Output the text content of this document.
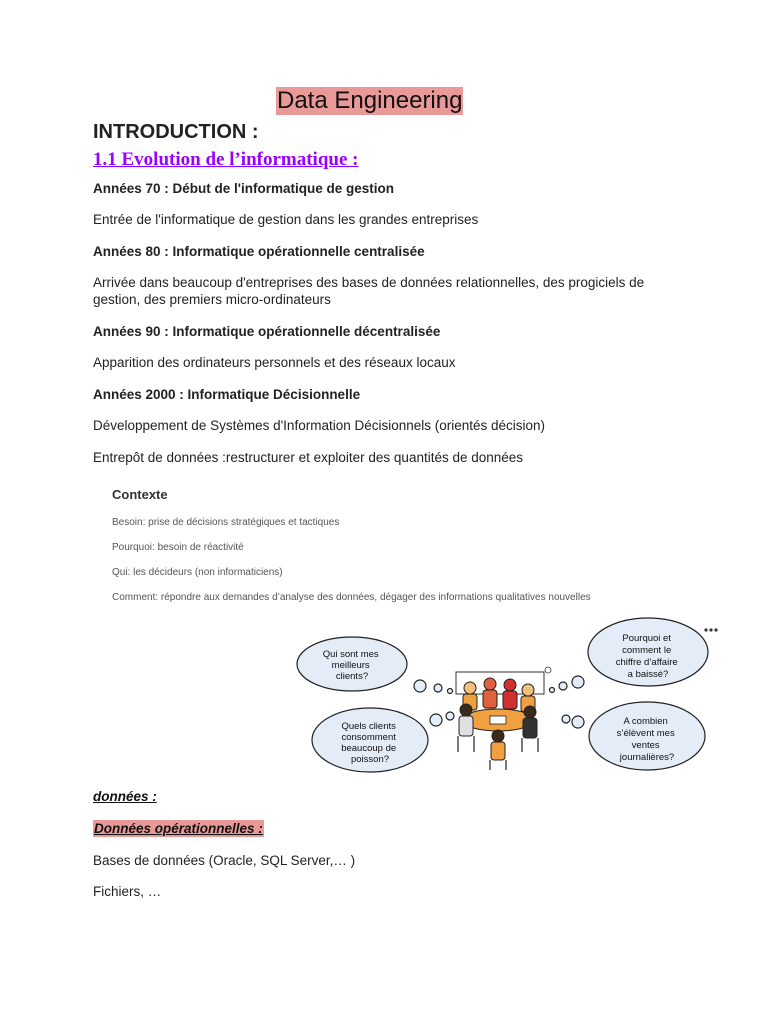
Data Engineering
INTRODUCTION :
1.1 Evolution de l’informatique :
Années 70 : Début de l'informatique de gestion
Entrée de l'informatique de gestion dans les grandes entreprises
Années 80 : Informatique opérationnelle centralisée
Arrivée dans beaucoup d'entreprises des bases de données relationnelles, des progiciels de gestion, des premiers micro-ordinateurs
Années 90 : Informatique opérationnelle décentralisée
Apparition des ordinateurs personnels et des réseaux locaux
Années 2000 : Informatique Décisionnelle
Développement de Systèmes d'Information Décisionnels (orientés décision)
Entrepôt de données :restructurer et exploiter des quantités de données
Contexte
Besoin: prise de décisions stratégiques et tactiques
Pourquoi: besoin de réactivité
Qui: les décideurs (non informaticiens)
Comment: répondre aux demandes d’analyse des données, dégager des informations qualitatives nouvelles
Qui sont mes meilleurs clients?
Pourquoi et comment le chiffre d’affaire a baissé?
Quels clients consomment beaucoup de poisson?
A combien s’élèvent mes ventes journalières?
données :
Données opérationnelles :
Bases de données (Oracle, SQL Server,… )
Fichiers, …
